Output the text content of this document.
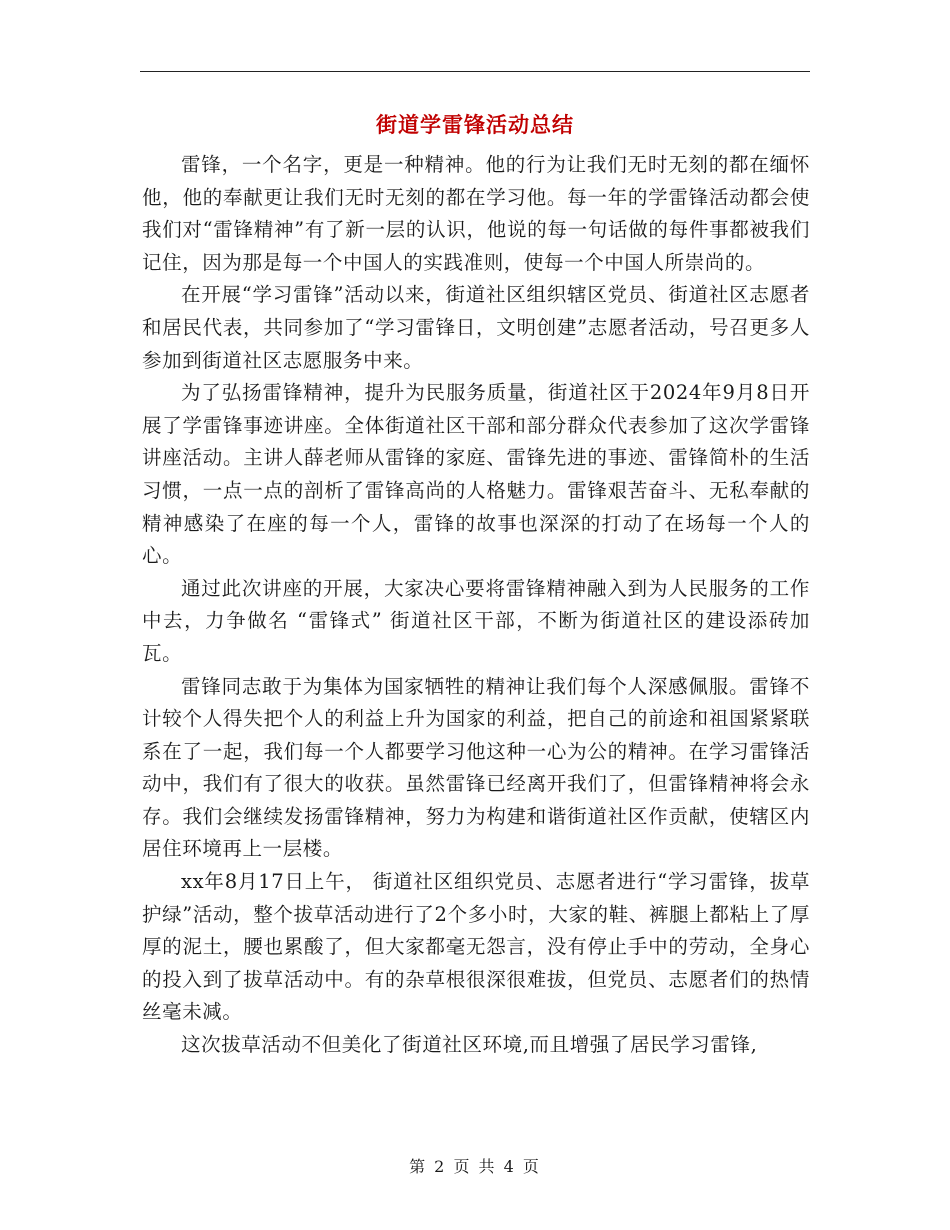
街道学雷锋活动总结

雷锋，一个名字，更是一种精神。他的行为让我们无时无刻的都在缅怀他，他的奉献更让我们无时无刻的都在学习他。每一年的学雷锋活动都会使我们对“雷锋精神”有了新一层的认识，他说的每一句话做的每件事都被我们记住，因为那是每一个中国人的实践准则，使每一个中国人所崇尚的。

在开展“学习雷锋”活动以来，街道社区组织辖区党员、街道社区志愿者和居民代表，共同参加了“学习雷锋日，文明创建”志愿者活动，号召更多人参加到街道社区志愿服务中来。

为了弘扬雷锋精神，提升为民服务质量，街道社区于2024年9月8日开展了学雷锋事迹讲座。全体街道社区干部和部分群众代表参加了这次学雷锋讲座活动。主讲人薛老师从雷锋的家庭、雷锋先进的事迹、雷锋简朴的生活习惯，一点一点的剖析了雷锋高尚的人格魅力。雷锋艰苦奋斗、无私奉献的精神感染了在座的每一个人，雷锋的故事也深深的打动了在场每一个人的心。

通过此次讲座的开展，大家决心要将雷锋精神融入到为人民服务的工作中去，力争做名 “雷锋式” 街道社区干部，不断为街道社区的建设添砖加瓦。

雷锋同志敢于为集体为国家牺牲的精神让我们每个人深感佩服。雷锋不计较个人得失把个人的利益上升为国家的利益，把自己的前途和祖国紧紧联系在了一起，我们每一个人都要学习他这种一心为公的精神。在学习雷锋活动中，我们有了很大的收获。虽然雷锋已经离开我们了，但雷锋精神将会永存。我们会继续发扬雷锋精神，努力为构建和谐街道社区作贡献，使辖区内居住环境再上一层楼。

xx年8月17日上午， 街道社区组织党员、志愿者进行“学习雷锋，拔草护绿”活动，整个拔草活动进行了2个多小时，大家的鞋、裤腿上都粘上了厚厚的泥土，腰也累酸了，但大家都毫无怨言，没有停止手中的劳动，全身心的投入到了拔草活动中。有的杂草根很深很难拔，但党员、志愿者们的热情丝毫未减。

这次拔草活动不但美化了街道社区环境,而且增强了居民学习雷锋,

第 2 页 共 4 页
